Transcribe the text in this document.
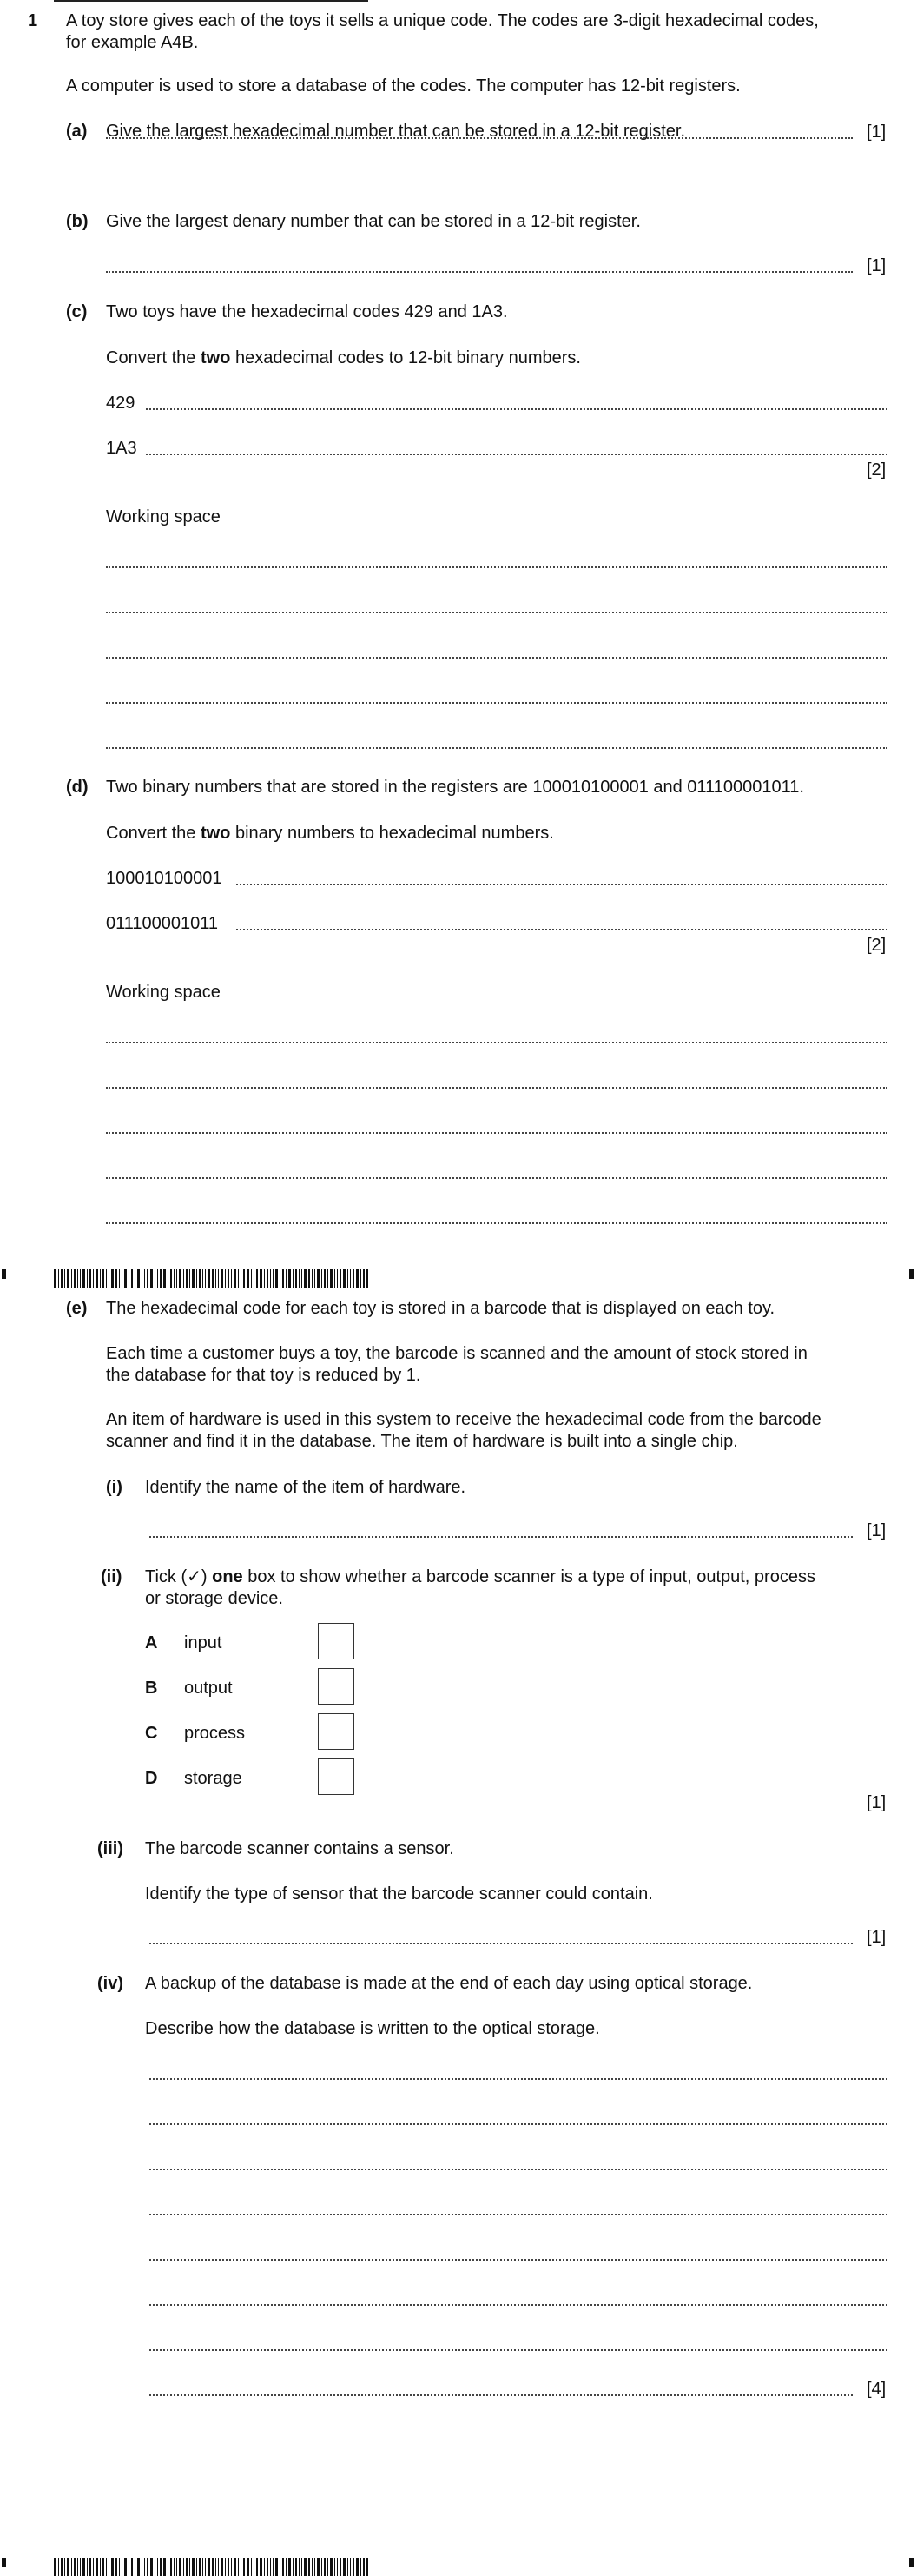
1 A toy store gives each of the toys it sells a unique code. The codes are 3-digit hexadecimal codes,
for example A4B.
A computer is used to store a database of the codes. The computer has 12-bit registers.
(a) Give the largest hexadecimal number that can be stored in a 12-bit register.	[1]
(b) Give the largest denary number that can be stored in a 12-bit register.
[1]
(c) Two toys have the hexadecimal codes 429 and 1A3.
Convert the two hexadecimal codes to 12-bit binary numbers.
429
1A3
[2]
Working space
(d) Two binary numbers that are stored in the registers are 100010100001 and 011100001011.
Convert the two binary numbers to hexadecimal numbers.
100010100001
011100001011
[2]
Working space
(e) The hexadecimal code for each toy is stored in a barcode that is displayed on each toy.
Each time a customer buys a toy, the barcode is scanned and the amount of stock stored in
the database for that toy is reduced by 1.
An item of hardware is used in this system to receive the hexadecimal code from the barcode
scanner and find it in the database. The item of hardware is built into a single chip.
(i) Identify the name of the item of hardware.
[1]
(ii) Tick (✓) one box to show whether a barcode scanner is a type of input, output, process
or storage device.
A input
B output
C process
D storage
[1]
(iii) The barcode scanner contains a sensor.
Identify the type of sensor that the barcode scanner could contain.
[1]
(iv) A backup of the database is made at the end of each day using optical storage.
Describe how the database is written to the optical storage.
[4]
